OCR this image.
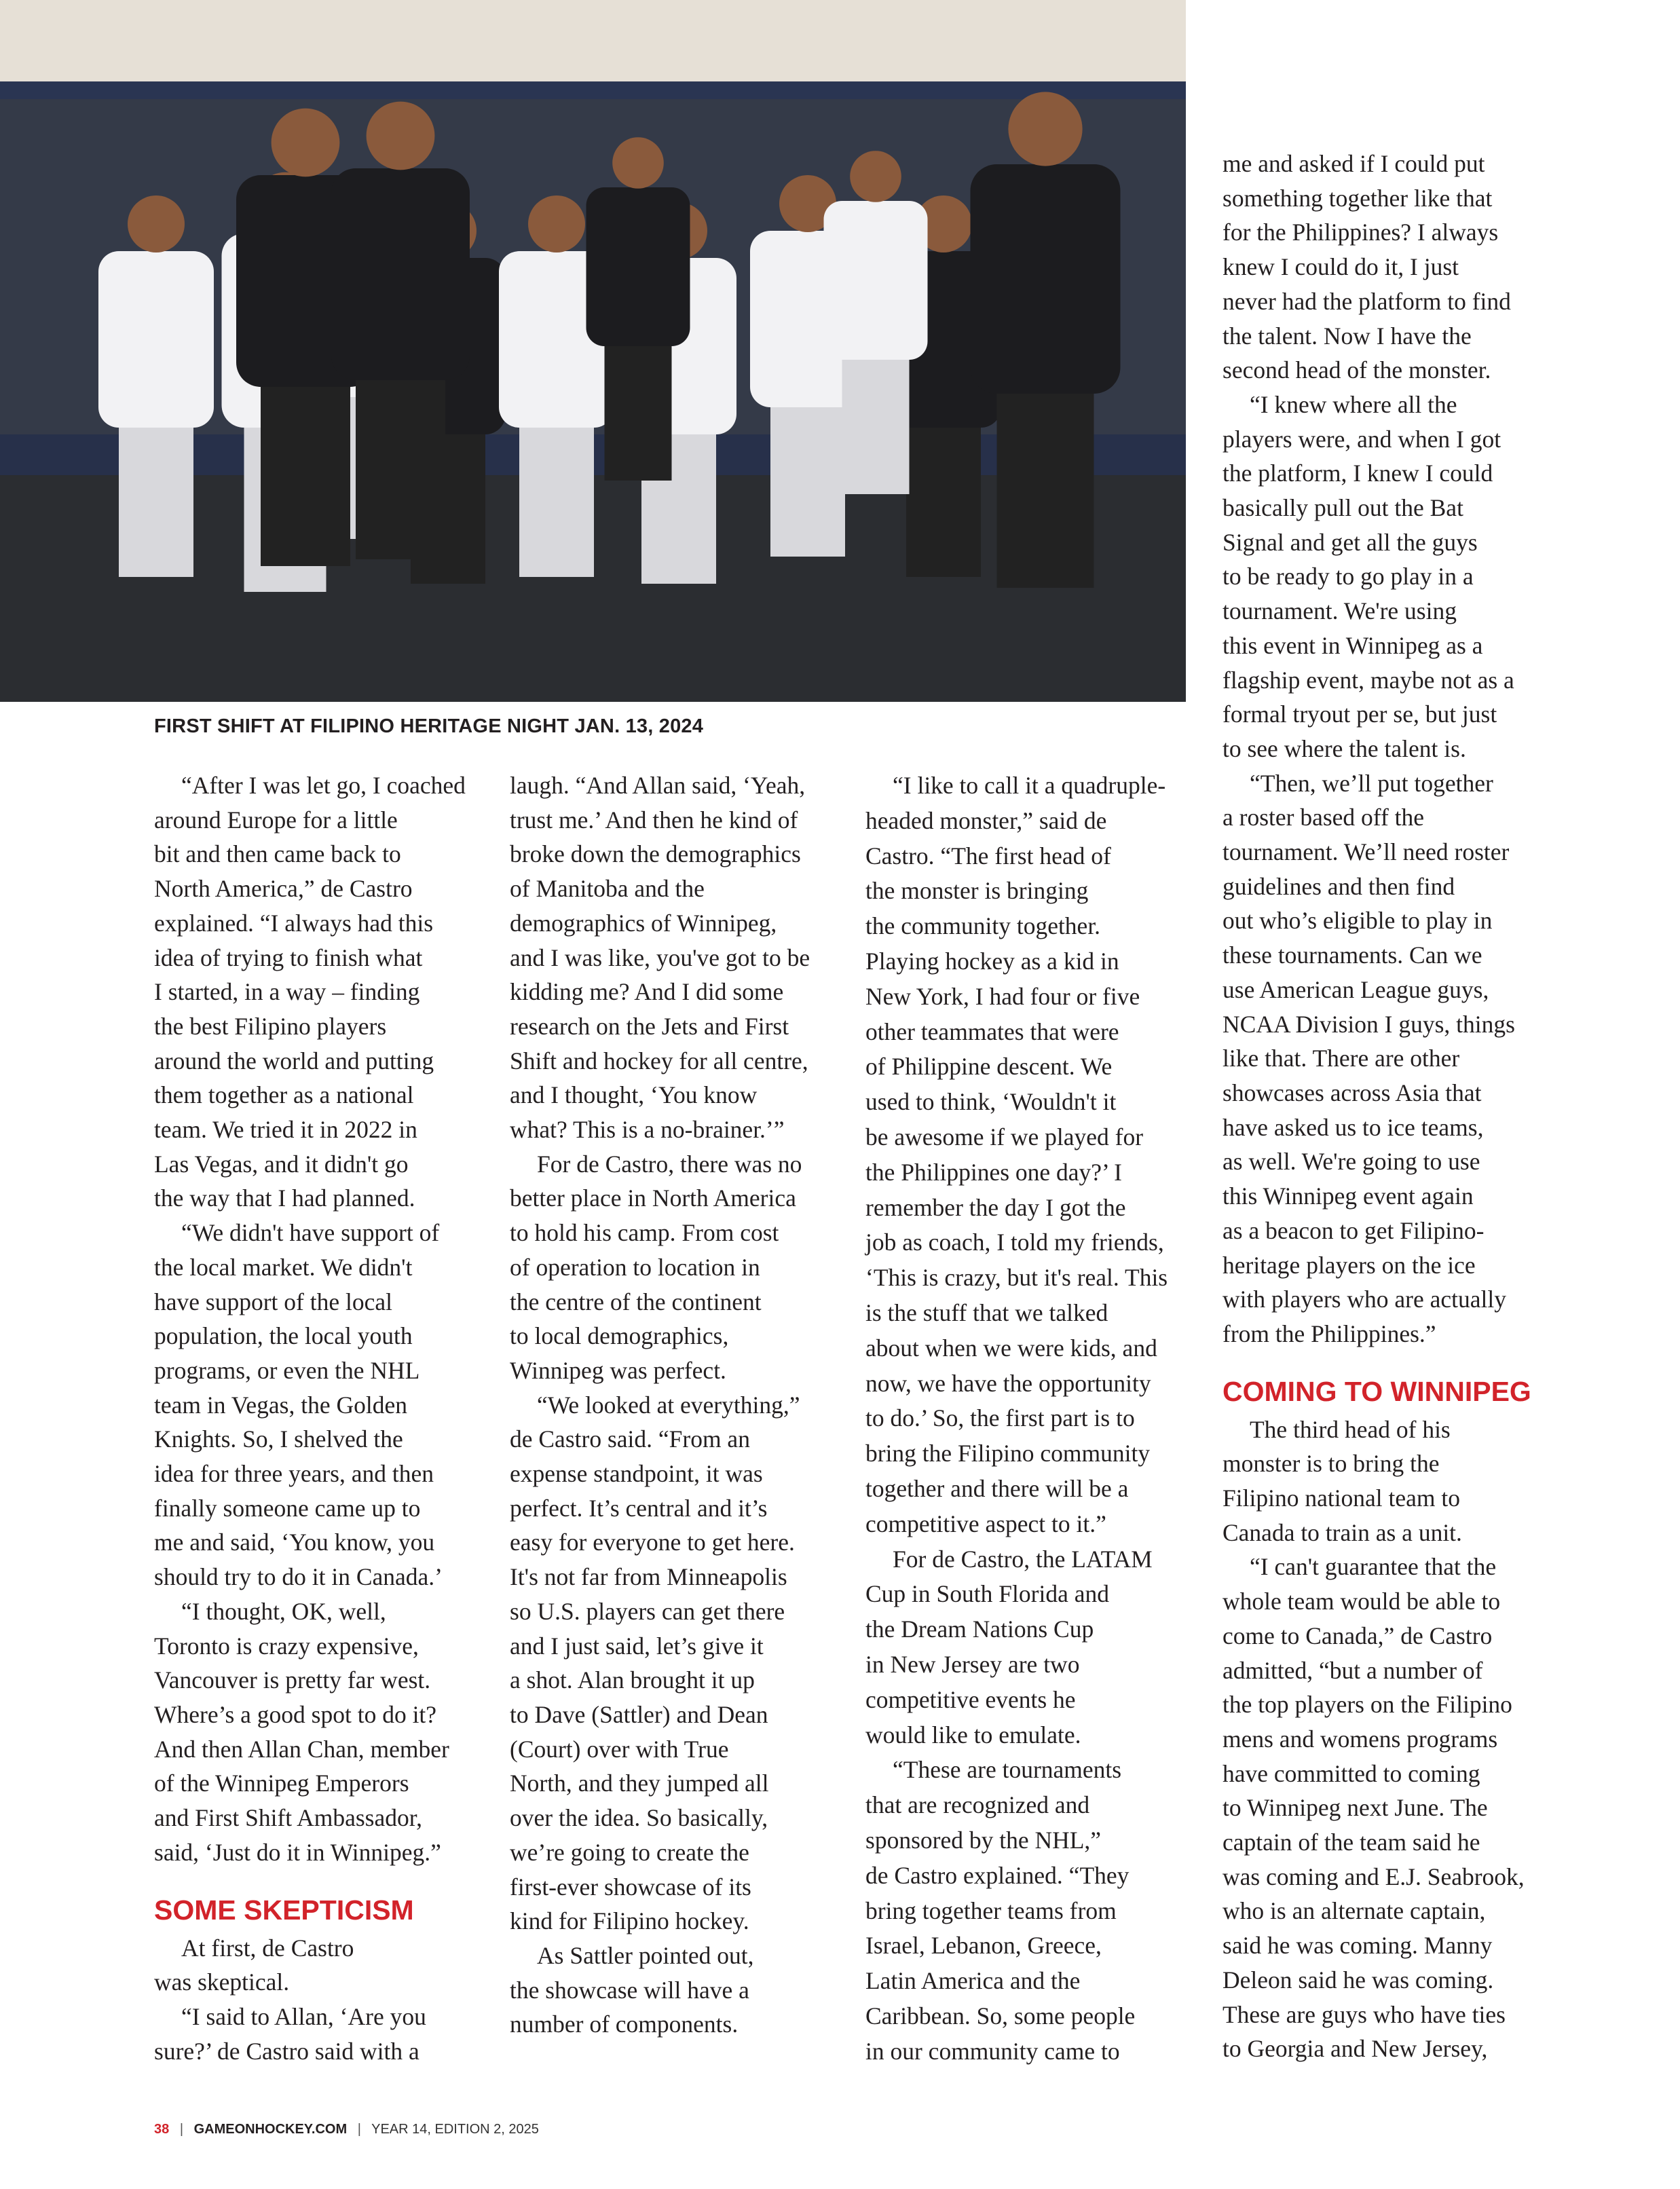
FIRST SHIFT AT FILIPINO HERITAGE NIGHT JAN. 13, 2024
“After I was let go, I coached
around Europe for a little
bit and then came back to
North America,” de Castro
explained. “I always had this
idea of trying to finish what
I started, in a way – finding
the best Filipino players
around the world and putting
them together as a national
team. We tried it in 2022 in
Las Vegas, and it didn't go
the way that I had planned.
“We didn't have support of
the local market. We didn't
have support of the local
population, the local youth
programs, or even the NHL
team in Vegas, the Golden
Knights. So, I shelved the
idea for three years, and then
finally someone came up to
me and said, ‘You know, you
should try to do it in Canada.’
“I thought, OK, well,
Toronto is crazy expensive,
Vancouver is pretty far west.
Where’s a good spot to do it?
And then Allan Chan, member
of the Winnipeg Emperors
and First Shift Ambassador,
said, ‘Just do it in Winnipeg.”
SOME SKEPTICISM
At first, de Castro
was skeptical.
“I said to Allan, ‘Are you
sure?’ de Castro said with a
laugh. “And Allan said, ‘Yeah,
trust me.’ And then he kind of
broke down the demographics
of Manitoba and the
demographics of Winnipeg,
and I was like, you've got to be
kidding me? And I did some
research on the Jets and First
Shift and hockey for all centre,
and I thought, ‘You know
what? This is a no-brainer.’”
For de Castro, there was no
better place in North America
to hold his camp. From cost
of operation to location in
the centre of the continent
to local demographics,
Winnipeg was perfect.
“We looked at everything,”
de Castro said. “From an
expense standpoint, it was
perfect. It’s central and it’s
easy for everyone to get here.
It's not far from Minneapolis
so U.S. players can get there
and I just said, let’s give it
a shot. Alan brought it up
to Dave (Sattler) and Dean
(Court) over with True
North, and they jumped all
over the idea. So basically,
we’re going to create the
first-ever showcase of its
kind for Filipino hockey.
As Sattler pointed out,
the showcase will have a
number of components.
“I like to call it a quadruple-
headed monster,” said de
Castro. “The first head of
the monster is bringing
the community together.
Playing hockey as a kid in
New York, I had four or five
other teammates that were
of Philippine descent. We
used to think, ‘Wouldn't it
be awesome if we played for
the Philippines one day?’ I
remember the day I got the
job as coach, I told my friends,
‘This is crazy, but it's real. This
is the stuff that we talked
about when we were kids, and
now, we have the opportunity
to do.’ So, the first part is to
bring the Filipino community
together and there will be a
competitive aspect to it.”
For de Castro, the LATAM
Cup in South Florida and
the Dream Nations Cup
in New Jersey are two
competitive events he
would like to emulate.
“These are tournaments
that are recognized and
sponsored by the NHL,”
de Castro explained. “They
bring together teams from
Israel, Lebanon, Greece,
Latin America and the
Caribbean. So, some people
in our community came to
me and asked if I could put
something together like that
for the Philippines? I always
knew I could do it, I just
never had the platform to find
the talent. Now I have the
second head of the monster.
“I knew where all the
players were, and when I got
the platform, I knew I could
basically pull out the Bat
Signal and get all the guys
to be ready to go play in a
tournament. We're using
this event in Winnipeg as a
flagship event, maybe not as a
formal tryout per se, but just
to see where the talent is.
“Then, we’ll put together
a roster based off the
tournament. We’ll need roster
guidelines and then find
out who’s eligible to play in
these tournaments. Can we
use American League guys,
NCAA Division I guys, things
like that. There are other
showcases across Asia that
have asked us to ice teams,
as well. We're going to use
this Winnipeg event again
as a beacon to get Filipino-
heritage players on the ice
with players who are actually
from the Philippines.”
COMING TO WINNIPEG
The third head of his
monster is to bring the
Filipino national team to
Canada to train as a unit.
“I can't guarantee that the
whole team would be able to
come to Canada,” de Castro
admitted, “but a number of
the top players on the Filipino
mens and womens programs
have committed to coming
to Winnipeg next June. The
captain of the team said he
was coming and E.J. Seabrook,
who is an alternate captain,
said he was coming. Manny
Deleon said he was coming.
These are guys who have ties
to Georgia and New Jersey,
38 | GAMEONHOCKEY.COM | YEAR 14, EDITION 2, 2025
